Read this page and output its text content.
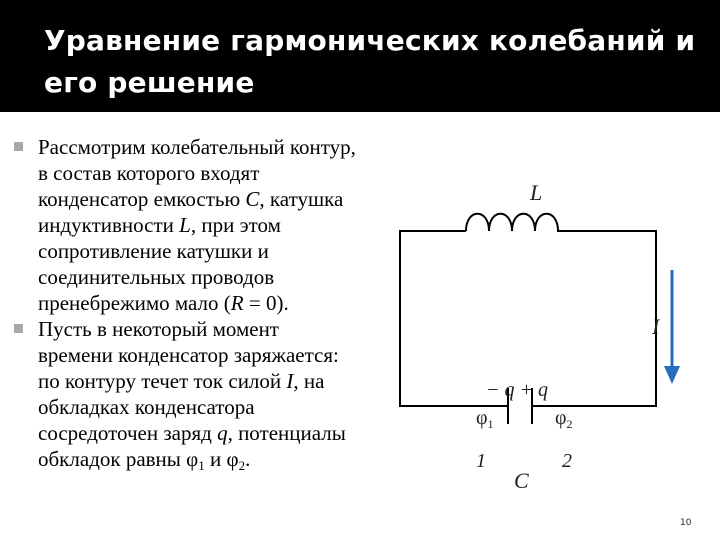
Уравнение гармонических колебаний и его решение
Рассмотрим колебательный контур, в состав которого входят конденсатор емкостью C, катушка индуктивности L, при этом сопротивление катушки и соединительных проводов пренебрежимо мало (R = 0).
Пусть в некоторый момент времени конденсатор заряжается: по контуру течет ток силой I, на обкладках конденсатора сосредоточен заряд q, потенциалы обкладок равны $\varphi_1$ и $\varphi_2$.
L
I
− q + q
$\varphi_1$	$\varphi_2$
1	2
C
10
